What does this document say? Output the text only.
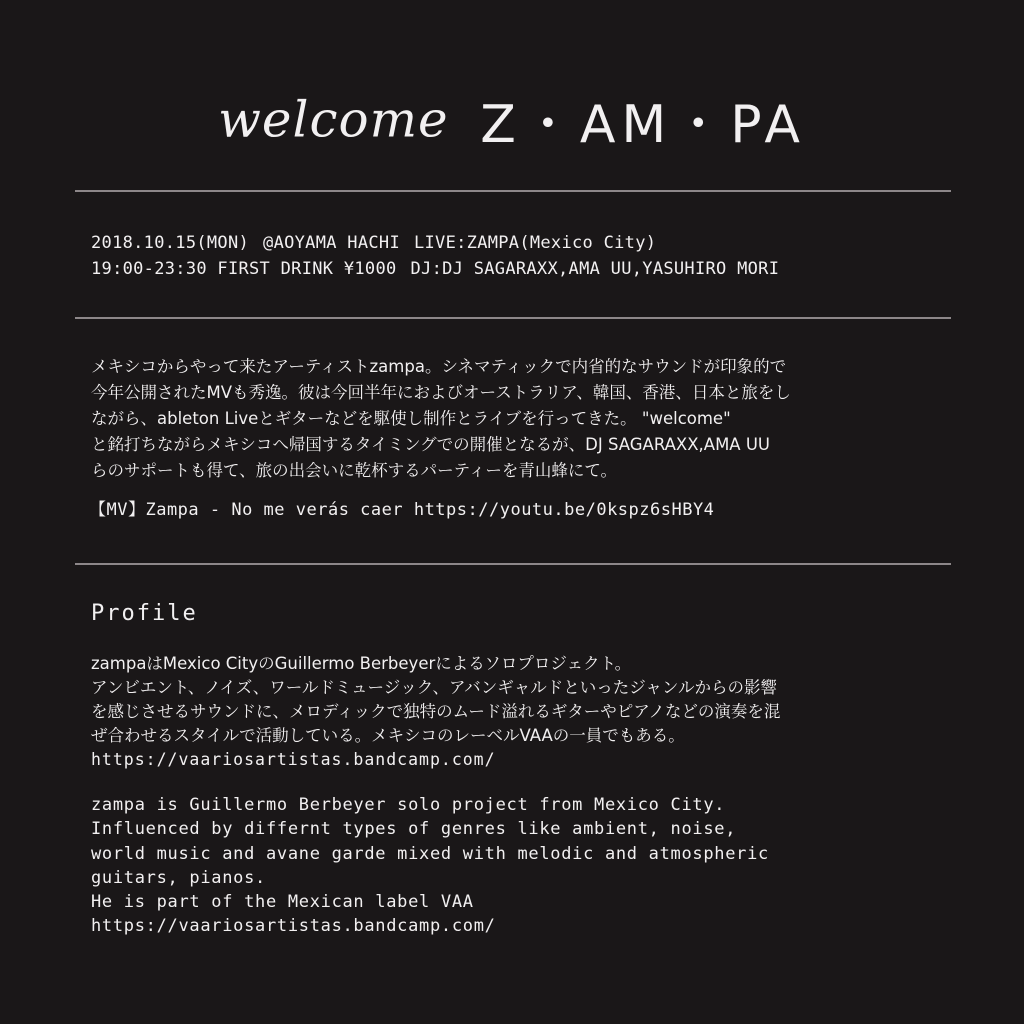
welcome Z・AM・PA
2018.10.15(MON) @AOYAMA HACHI LIVE:ZAMPA(Mexico City)
19:00-23:30 FIRST DRINK ¥1000 DJ:DJ SAGARAXX,AMA UU,YASUHIRO MORI

メキシコからやって来たアーティストzampa。シネマティックで内省的なサウンドが印象的で

今年公開されたMVも秀逸。彼は今回半年におよびオーストラリア、韓国、香港、日本と旅をし

ながら、ableton Liveとギターなどを駆使し制作とライブを行ってきた。 "welcome"

と銘打ちながらメキシコへ帰国するタイミングでの開催となるが、DJ SAGARAXX,AMA UU

らのサポートも得て、旅の出会いに乾杯するパーティーを青山蜂にて。

【MV】Zampa - No me verás caer https://youtu.be/0kspz6sHBY4
Profile

zampaはMexico CityのGuillermo Berbeyerによるソロプロジェクト。

アンビエント、ノイズ、ワールドミュージック、アバンギャルドといったジャンルからの影響

を感じさせるサウンドに、メロディックで独特のムード溢れるギターやピアノなどの演奏を混

ぜ合わせるスタイルで活動している。メキシコのレーベルVAAの一員でもある。

https://vaariosartistas.bandcamp.com/

zampa is Guillermo Berbeyer solo project from Mexico City.

Influenced by differnt types of genres like ambient, noise,

world music and avane garde mixed with melodic and atmospheric

guitars, pianos.

He is part of the Mexican label VAA

https://vaariosartistas.bandcamp.com/
